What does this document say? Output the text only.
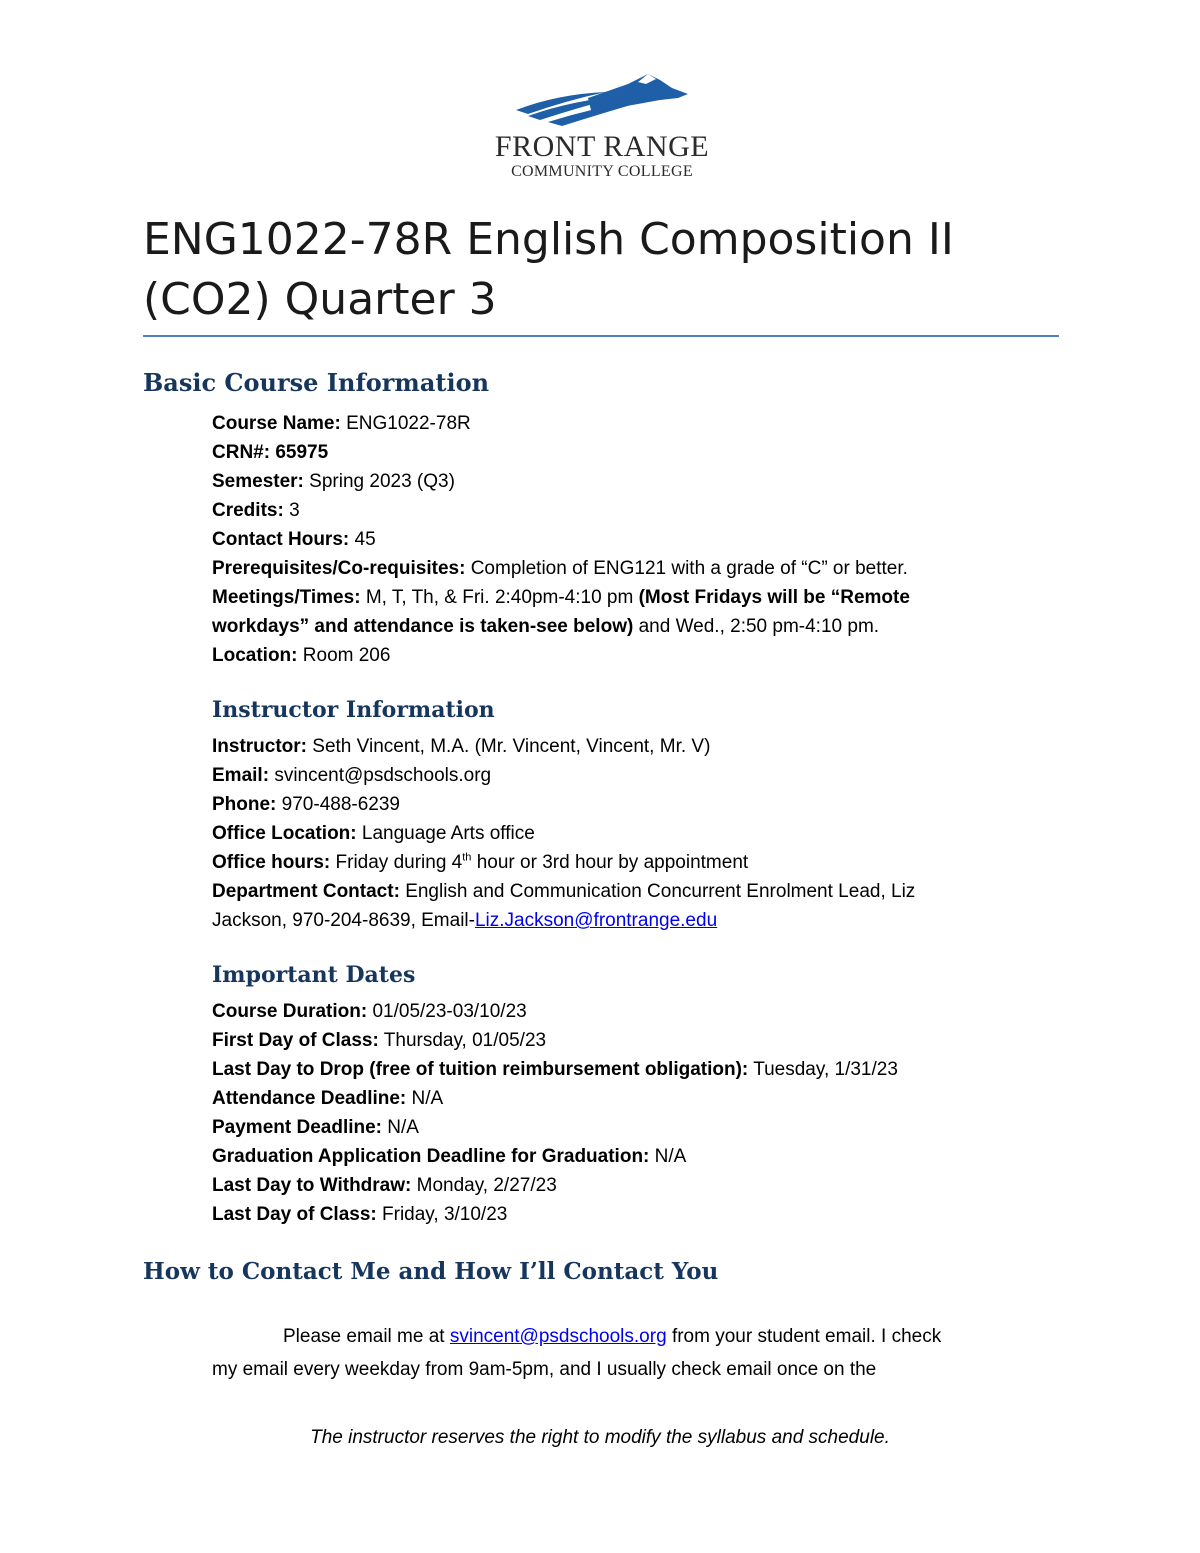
FRONT RANGE
COMMUNITY COLLEGE
ENG1022-78R English Composition II
(CO2) Quarter 3
Basic Course Information
Course Name: ENG1022-78R
CRN#: 65975
Semester: Spring 2023 (Q3)
Credits: 3
Contact Hours: 45
Prerequisites/Co-requisites: Completion of ENG121 with a grade of “C” or better.
Meetings/Times: M, T, Th, & Fri. 2:40pm-4:10 pm (Most Fridays will be “Remote
workdays” and attendance is taken-see below) and Wed., 2:50 pm-4:10 pm.
Location: Room 206
Instructor Information
Instructor: Seth Vincent, M.A. (Mr. Vincent, Vincent, Mr. V)
Email: svincent@psdschools.org
Phone: 970-488-6239
Office Location: Language Arts office
Office hours: Friday during 4th hour or 3rd hour by appointment
Department Contact: English and Communication Concurrent Enrolment Lead, Liz
Jackson, 970-204-8639, Email-Liz.Jackson@frontrange.edu
Important Dates
Course Duration: 01/05/23-03/10/23
First Day of Class: Thursday, 01/05/23
Last Day to Drop (free of tuition reimbursement obligation): Tuesday, 1/31/23
Attendance Deadline: N/A
Payment Deadline: N/A
Graduation Application Deadline for Graduation: N/A
Last Day to Withdraw: Monday, 2/27/23
Last Day of Class: Friday, 3/10/23
How to Contact Me and How I’ll Contact You
Please email me at svincent@psdschools.org from your student email. I check
my email every weekday from 9am-5pm, and I usually check email once on the
The instructor reserves the right to modify the syllabus and schedule.
